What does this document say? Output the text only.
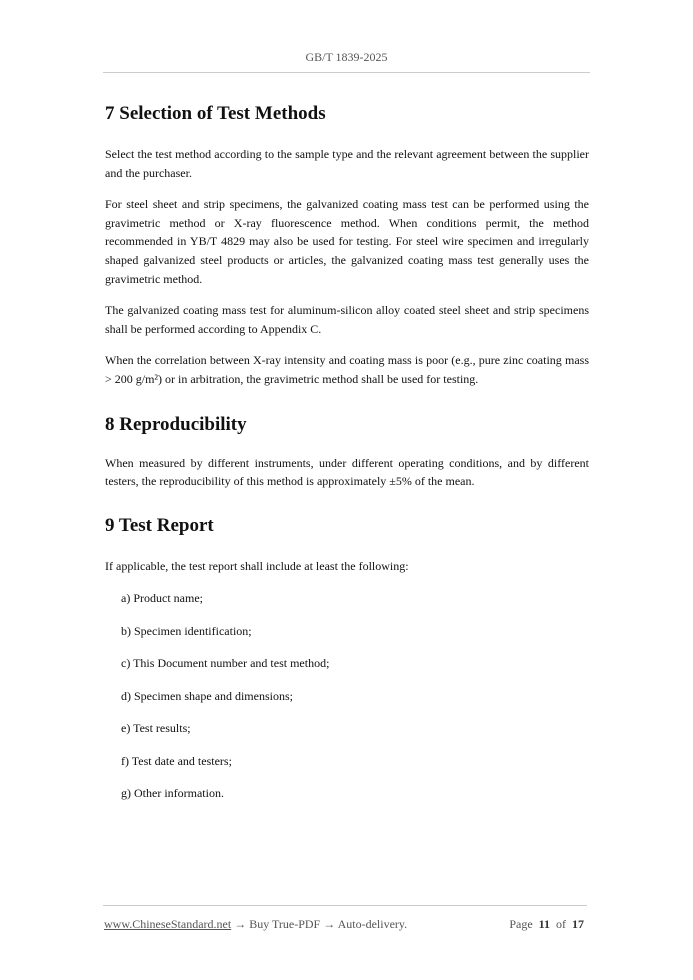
GB/T 1839-2025
7 Selection of Test Methods

Select the test method according to the sample type and the relevant agreement between the supplier and the purchaser.

For steel sheet and strip specimens, the galvanized coating mass test can be performed using the gravimetric method or X-ray fluorescence method. When conditions permit, the method recommended in YB/T 4829 may also be used for testing. For steel wire specimen and irregularly shaped galvanized steel products or articles, the galvanized coating mass test generally uses the gravimetric method.

The galvanized coating mass test for aluminum-silicon alloy coated steel sheet and strip specimens shall be performed according to Appendix C.

When the correlation between X-ray intensity and coating mass is poor (e.g., pure zinc coating mass > 200 g/m²) or in arbitration, the gravimetric method shall be used for testing.

8 Reproducibility

When measured by different instruments, under different operating conditions, and by different testers, the reproducibility of this method is approximately ±5% of the mean.

9 Test Report

If applicable, the test report shall include at least the following:

a) Product name;
b) Specimen identification;
c) This Document number and test method;
d) Specimen shape and dimensions;
e) Test results;
f) Test date and testers;
g) Other information.
www.ChineseStandard.net → Buy True-PDF → Auto-delivery.	Page 11 of 17
